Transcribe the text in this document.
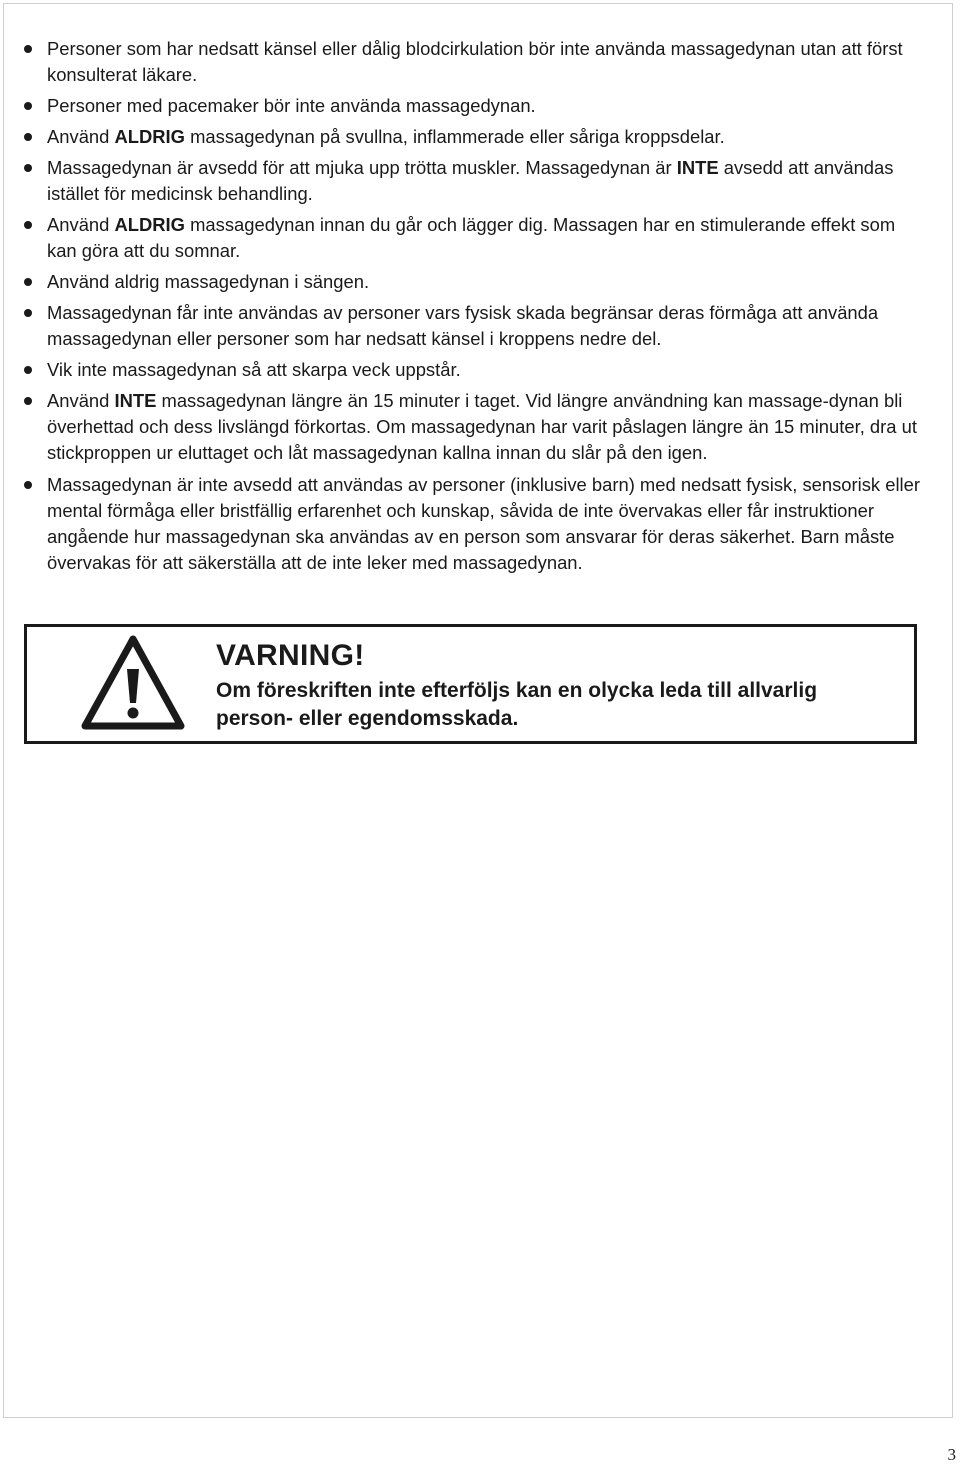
Personer som har nedsatt känsel eller dålig blodcirkulation bör inte använda massagedynan utan att först konsulterat läkare.
Personer med pacemaker bör inte använda massagedynan.
Använd ALDRIG massagedynan på svullna, inflammerade eller såriga kroppsdelar.
Massagedynan är avsedd för att mjuka upp trötta muskler. Massagedynan är INTE avsedd att användas istället för medicinsk behandling.
Använd ALDRIG massagedynan innan du går och lägger dig. Massagen har en stimulerande effekt som kan göra att du somnar.
Använd aldrig massagedynan i sängen.
Massagedynan får inte användas av personer vars fysisk skada begränsar deras förmåga att använda massagedynan eller personer som har nedsatt känsel i kroppens nedre del.
Vik inte massagedynan så att skarpa veck uppstår.
Använd INTE massagedynan längre än 15 minuter i taget. Vid längre användning kan massage-dynan bli överhettad och dess livslängd förkortas. Om massagedynan har varit påslagen längre än 15 minuter, dra ut stickproppen ur eluttaget och låt massagedynan kallna innan du slår på den igen.
Massagedynan är inte avsedd att användas av personer (inklusive barn) med nedsatt fysisk, sensorisk eller mental förmåga eller bristfällig erfarenhet och kunskap, såvida de inte övervakas eller får instruktioner angående hur massagedynan ska användas av en person som ansvarar för deras säkerhet. Barn måste övervakas för att säkerställa att de inte leker med massagedynan.
VARNING!
Om föreskriften inte efterföljs kan en olycka leda till allvarlig person- eller egendomsskada.
3
